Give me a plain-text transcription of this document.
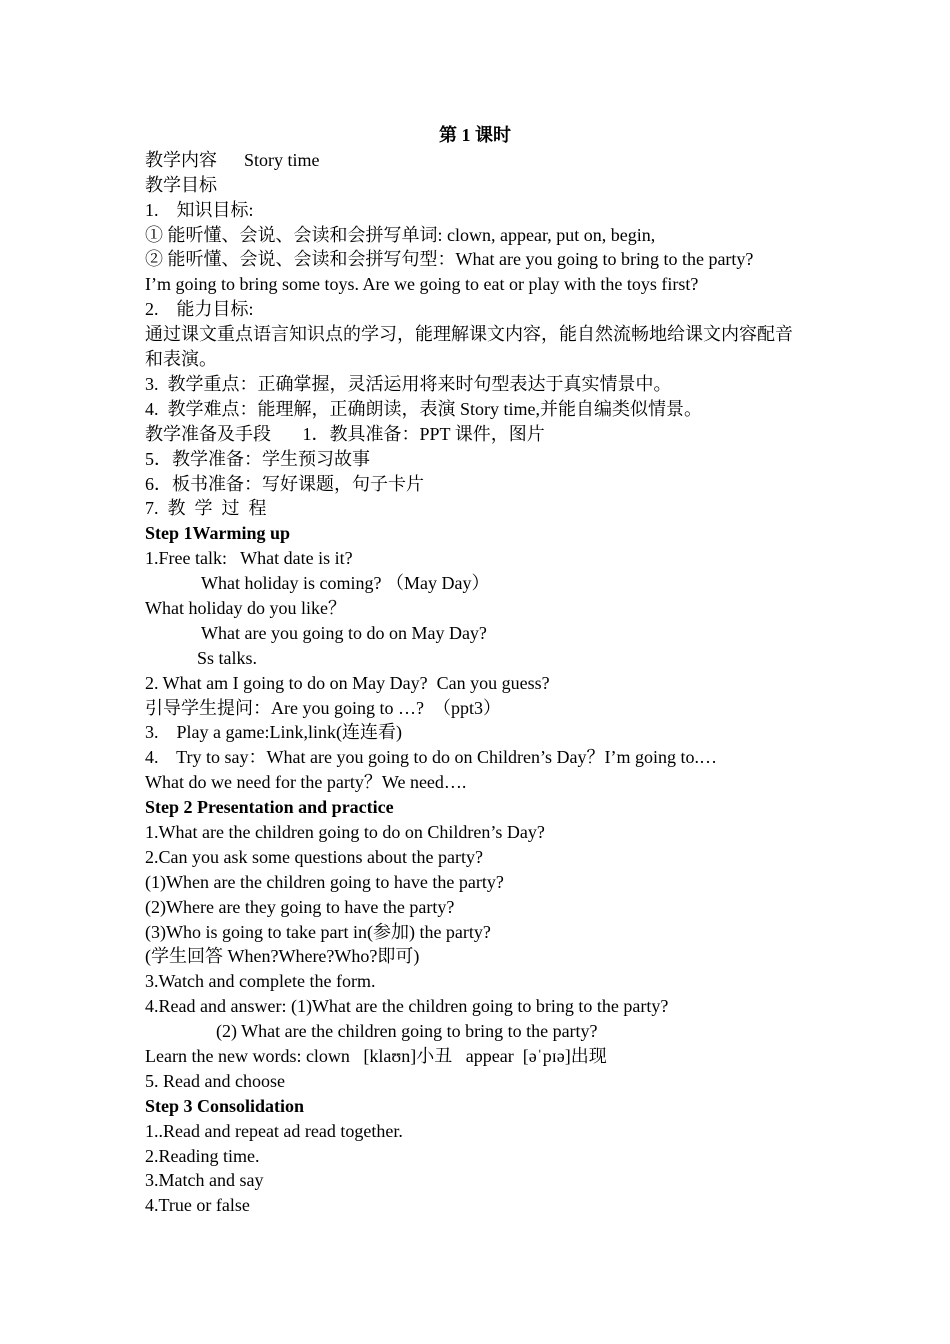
第 1 课时
教学内容      Story time
教学目标
1.    知识目标:
① 能听懂、会说、会读和会拼写单词: clown, appear, put on, begin,
② 能听懂、会说、会读和会拼写句型：What are you going to bring to the party?
I’m going to bring some toys. Are we going to eat or play with the toys first?
2.    能力目标:
通过课文重点语言知识点的学习，能理解课文内容，能自然流畅地给课文内容配音和表演。
3.  教学重点：正确掌握，灵活运用将来时句型表达于真实情景中。
4.  教学难点：能理解，正确朗读，表演 Story time,并能自编类似情景。
教学准备及手段       1．教具准备：PPT 课件，图片
5．教学准备：学生预习故事
6．板书准备：写好课题，句子卡片
7.  教  学  过  程
Step 1Warming up
1.Free talk:   What date is it?
What holiday is coming? （May Day）
What holiday do you like？
What are you going to do on May Day?
Ss talks.
2. What am I going to do on May Day?  Can you guess?
引导学生提问：Are you going to …?  （ppt3）
3.    Play a game:Link,link(连连看)
4.    Try to say：What are you going to do on Children’s Day？I’m going to.…
What do we need for the party？We need….
Step 2 Presentation and practice
1.What are the children going to do on Children’s Day?
2.Can you ask some questions about the party?
(1)When are the children going to have the party?
(2)Where are they going to have the party?
(3)Who is going to take part in(参加) the party?
(学生回答 When?Where?Who?即可)
3.Watch and complete the form.
4.Read and answer: (1)What are the children going to bring to the party?
(2) What are the children going to bring to the party?
Learn the new words: clown   [klaʊn]小丑   appear  [əˈpɪə]出现
5. Read and choose
Step 3 Consolidation
1..Read and repeat ad read together.
2.Reading time.
3.Match and say
4.True or false
